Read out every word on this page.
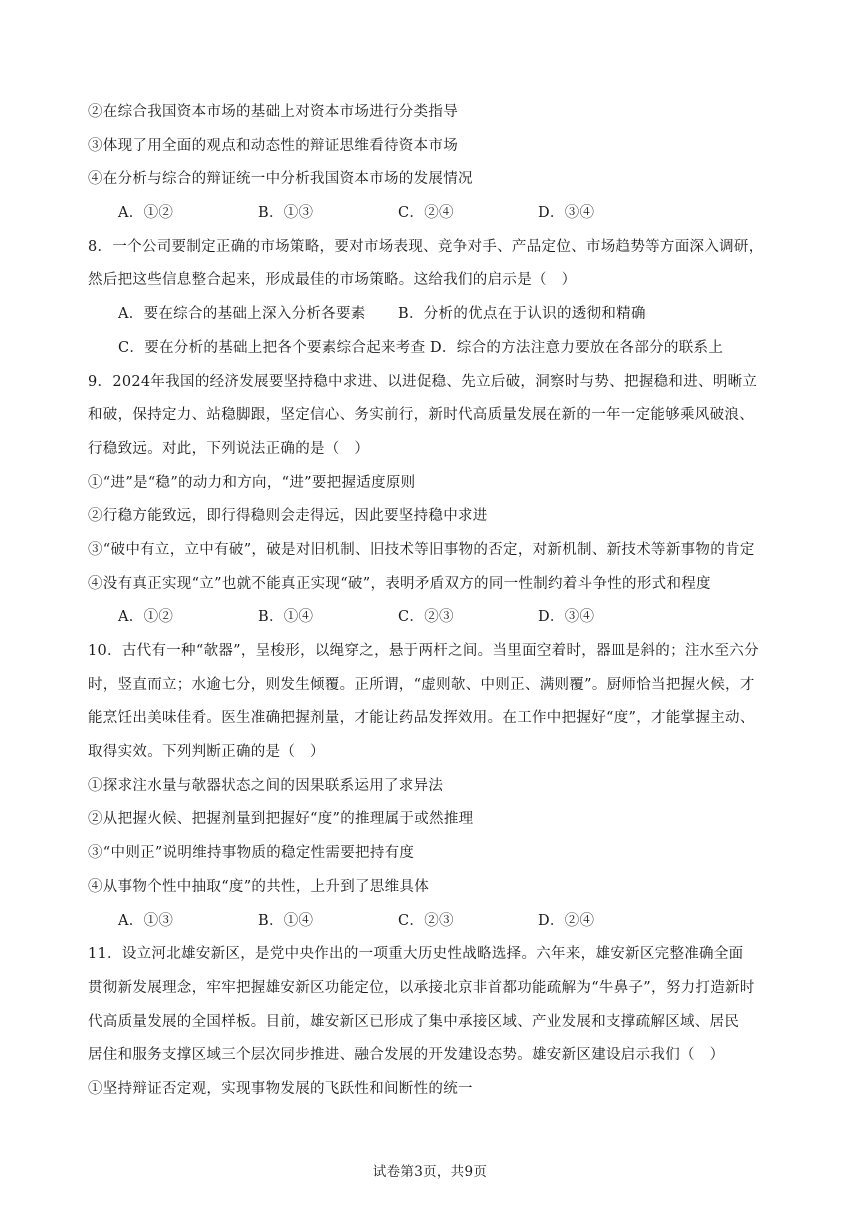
②在综合我国资本市场的基础上对资本市场进行分类指导
③体现了用全面的观点和动态性的辩证思维看待资本市场
④在分析与综合的辩证统一中分析我国资本市场的发展情况
A．①②	B．①③	C．②④	D．③④
8．一个公司要制定正确的市场策略，要对市场表现、竞争对手、产品定位、市场趋势等方面深入调研，
然后把这些信息整合起来，形成最佳的市场策略。这给我们的启示是（　）
A．要在综合的基础上深入分析各要素	B．分析的优点在于认识的透彻和精确
C．要在分析的基础上把各个要素综合起来考查 D．综合的方法注意力要放在各部分的联系上
9．2024年我国的经济发展要坚持稳中求进、以进促稳、先立后破，洞察时与势、把握稳和进、明晰立
和破，保持定力、站稳脚跟，坚定信心、务实前行，新时代高质量发展在新的一年一定能够乘风破浪、
行稳致远。对此，下列说法正确的是（　）
①“进”是“稳”的动力和方向，“进”要把握适度原则
②行稳方能致远，即行得稳则会走得远，因此要坚持稳中求进
③“破中有立，立中有破”，破是对旧机制、旧技术等旧事物的否定，对新机制、新技术等新事物的肯定
④没有真正实现“立”也就不能真正实现“破”，表明矛盾双方的同一性制约着斗争性的形式和程度
A．①②	B．①④	C．②③	D．③④
10．古代有一种“欹器”，呈梭形，以绳穿之，悬于两杆之间。当里面空着时，器皿是斜的；注水至六分
时，竖直而立；水逾七分，则发生倾覆。正所谓，“虚则欹、中则正、满则覆”。厨师恰当把握火候，才
能烹饪出美味佳肴。医生准确把握剂量，才能让药品发挥效用。在工作中把握好“度”，才能掌握主动、
取得实效。下列判断正确的是（　）
①探求注水量与欹器状态之间的因果联系运用了求异法
②从把握火候、把握剂量到把握好“度”的推理属于或然推理
③“中则正”说明维持事物质的稳定性需要把持有度
④从事物个性中抽取“度”的共性，上升到了思维具体
A．①③	B．①④	C．②③	D．②④
11．设立河北雄安新区，是党中央作出的一项重大历史性战略选择。六年来，雄安新区完整准确全面
贯彻新发展理念，牢牢把握雄安新区功能定位，以承接北京非首都功能疏解为“牛鼻子”，努力打造新时
代高质量发展的全国样板。目前，雄安新区已形成了集中承接区域、产业发展和支撑疏解区域、居民
居住和服务支撑区域三个层次同步推进、融合发展的开发建设态势。雄安新区建设启示我们（　）
①坚持辩证否定观，实现事物发展的飞跃性和间断性的统一
试卷第3页，共9页
